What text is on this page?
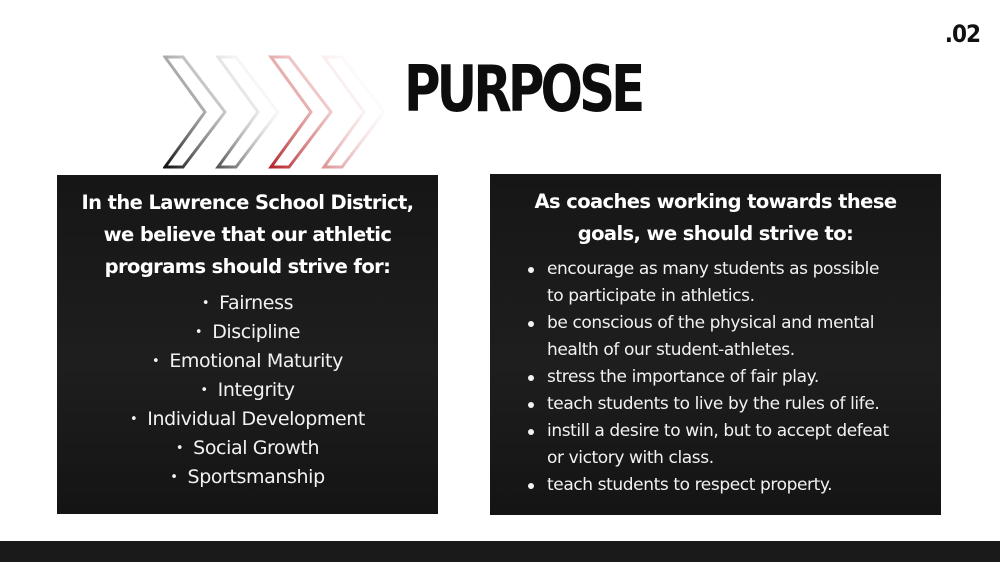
.02
PURPOSE
In the Lawrence School District,
we believe that our athletic
programs should strive for:
• Fairness
• Discipline
• Emotional Maturity
• Integrity
• Individual Development
• Social Growth
• Sportsmanship
As coaches working towards these
goals, we should strive to:
encourage as many students as possible
to participate in athletics.
be conscious of the physical and mental
health of our student-athletes.
stress the importance of fair play.
teach students to live by the rules of life.
instill a desire to win, but to accept defeat
or victory with class.
teach students to respect property.
